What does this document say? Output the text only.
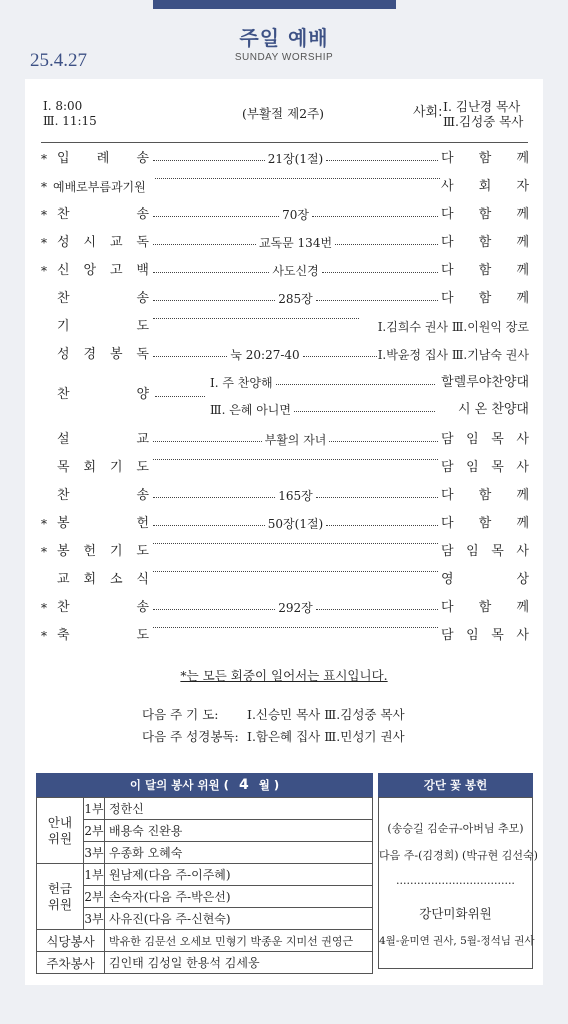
주일 예배
SUNDAY WORSHIP
25.4.27
Ⅰ. 8:00
Ⅲ. 11:15	(부활절 제2주)	사회: Ⅰ. 김난경 목사
Ⅲ.김성중 목사
* 입 례 송	21장(1절)	다 함 께
* 예배로부름과기원	사 회 자
* 찬	송	70장	다 함 께
* 성 시 교 독	교독문 134번	다 함 께
* 신 앙 고 백	사도신경	다 함 께
찬	송	285장	다 함 께
기	도	Ⅰ.김희수 권사 Ⅲ.이원익 장로
성 경 봉 독	눅 20:27-40	Ⅰ.박윤정 집사 Ⅲ.기남숙 권사
찬	양
Ⅰ. 주 찬양해	할렐루야찬양대
Ⅲ. 은혜 아니면	시 온 찬양대
설	교	부활의 자녀	담 임 목 사
목 회 기 도	담 임 목 사
찬	송	165장	다 함 께
* 봉	헌	50장(1절)	다 함 께
* 봉 헌 기 도	담 임 목 사
교 회 소 식	영	상
* 찬	송	292장	다 함 께
* 축	도	담 임 목 사
*는 모든 회중이 일어서는 표시입니다.
다음 주 기 도: Ⅰ.신승민 목사 Ⅲ.김성중 목사
다음 주 성경봉독: Ⅰ.함은혜 집사 Ⅲ.민성기 권사
이 달의 봉사 위원 ( 4 월 )	강단 꽃 봉헌
안내
위원	1부	정한신
	2부	배용숙 진완용
	3부	우종화 오혜숙
헌금
위원	1부	원남제(다음 주-이주혜)
	2부	손숙자(다음 주-박은선)
	3부	사유진(다음 주-신현숙)
식당봉사		박유한 김문선 오세보 민형기 박종운 지미선 권영근
주차봉사		김인태 김성일 한용석 김세웅
(송승길 김순규-아버님 추모)
다음 주-(김경희) (박규현 김선숙)
..................................
강단미화위원
4월-윤미연 권사, 5월-정석님 권사
